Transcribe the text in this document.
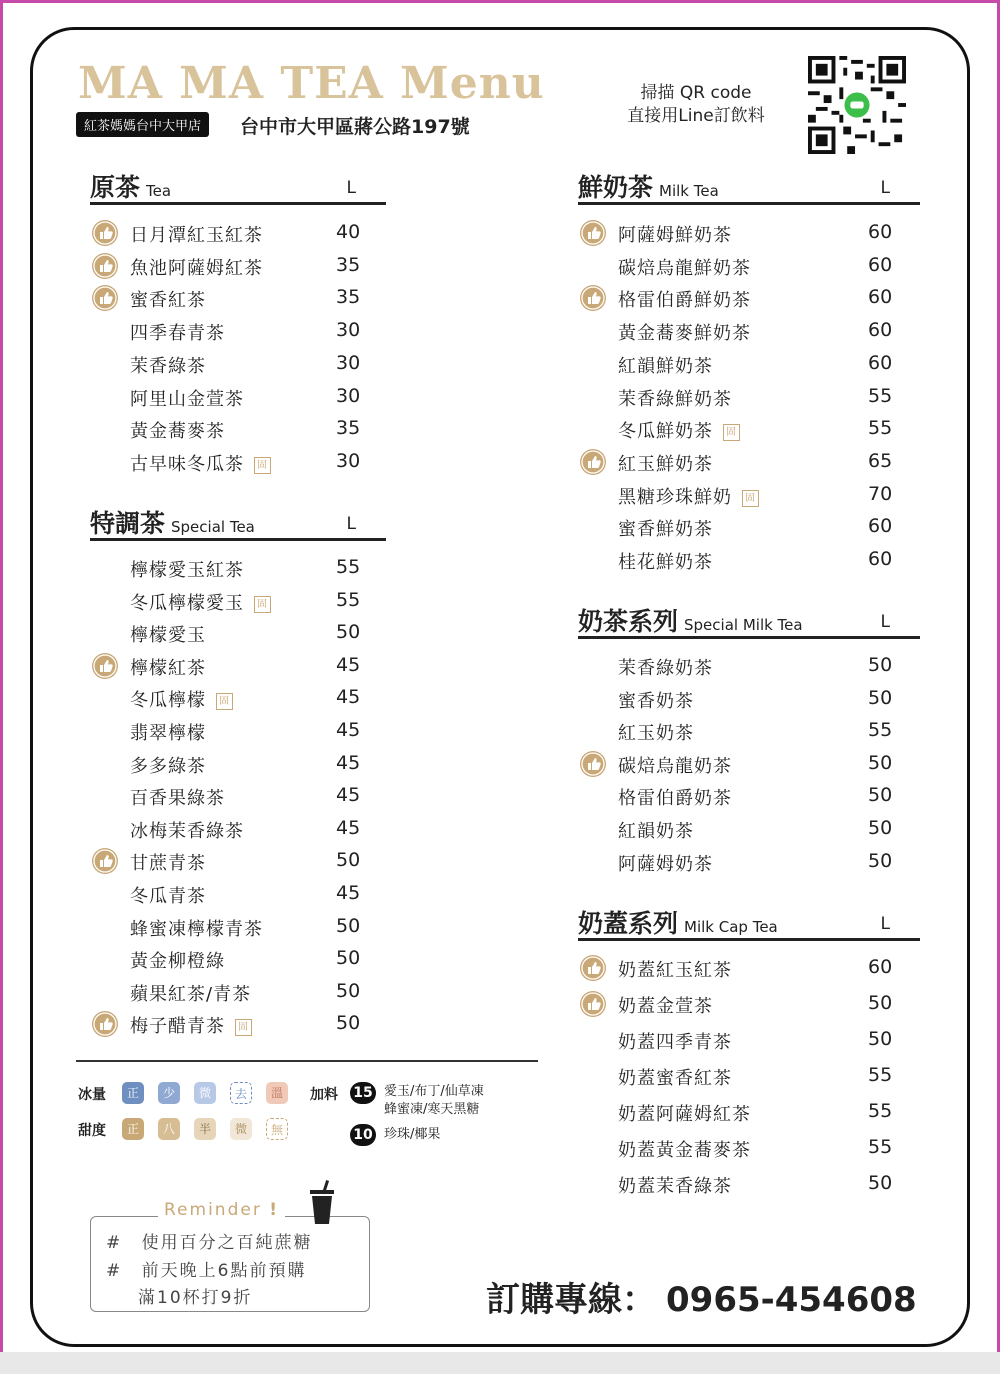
MA MA TEA Menu
紅茶媽媽台中大甲店	台中市大甲區蔣公路197號
掃描 QR code
直接用Line訂飲料
原茶 Tea	L
日月潭紅玉紅茶	40
魚池阿薩姆紅茶	35
蜜香紅茶	35
四季春青茶	30
茉香綠茶	30
阿里山金萱茶	30
黃金蕎麥茶	35
古早味冬瓜茶 固	30
特調茶 Special Tea	L
檸檬愛玉紅茶	55
冬瓜檸檬愛玉 固	55
檸檬愛玉	50
檸檬紅茶	45
冬瓜檸檬 固	45
翡翠檸檬	45
多多綠茶	45
百香果綠茶	45
冰梅茉香綠茶	45
甘蔗青茶	50
冬瓜青茶	45
蜂蜜凍檸檬青茶	50
黃金柳橙綠	50
蘋果紅茶/青茶	50
梅子醋青茶 固	50
鮮奶茶 Milk Tea	L
阿薩姆鮮奶茶	60
碳焙烏龍鮮奶茶	60
格雷伯爵鮮奶茶	60
黃金蕎麥鮮奶茶	60
紅韻鮮奶茶	60
茉香綠鮮奶茶	55
冬瓜鮮奶茶 固	55
紅玉鮮奶茶	65
黑糖珍珠鮮奶 固	70
蜜香鮮奶茶	60
桂花鮮奶茶	60
奶茶系列 Special Milk Tea	L
茉香綠奶茶	50
蜜香奶茶	50
紅玉奶茶	55
碳焙烏龍奶茶	50
格雷伯爵奶茶	50
紅韻奶茶	50
阿薩姆奶茶	50
奶蓋系列 Milk Cap Tea	L
奶蓋紅玉紅茶	60
奶蓋金萱茶	50
奶蓋四季青茶	50
奶蓋蜜香紅茶	55
奶蓋阿薩姆紅茶	55
奶蓋黃金蕎麥茶	55
奶蓋茉香綠茶	50
冰量
甜度
正	少	微	去	溫
正	八	半	微	無
加料 15 愛玉/布丁/仙草凍
蜂蜜凍/寒天黑糖
10 珍珠/椰果
Reminder !
# 使用百分之百純蔗糖
# 前天晚上6點前預購
滿10杯打9折	訂購專線： 0965-454608
